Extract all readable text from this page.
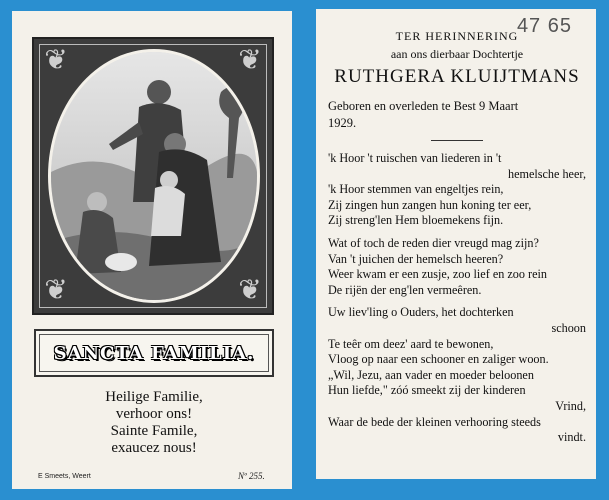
❦	❦
❦	❦
SANCTA FAMILIA.
Heilige Familie,
verhoor ons!
Sainte Famile,
exaucez nous!
E Smeets, Weert	Nº 255.
47 65
TER HERINNERING
aan ons dierbaar Dochtertje
RUTHGERA KLUIJTMANS
Geboren en overleden te Best 9 Maart
1929.
'k Hoor 't ruischen van liederen in 't
hemelsche heer,
'k Hoor stemmen van engeltjes rein,
Zij zingen hun zangen hun koning ter eer,
Zij streng'len Hem bloemekens fijn.
Wat of toch de reden dier vreugd mag zijn?
Van 't juichen der hemelsch heeren?
Weer kwam er een zusje, zoo lief en zoo rein
De rijën der eng'len vermeêren.
Uw liev'ling o Ouders, het dochterken
schoon
Te teêr om deez' aard te bewonen,
Vloog op naar een schooner en zaliger woon.
„Wil, Jezu, aan vader en moeder beloonen
Hun liefde," zóó smeekt zij der kinderen
Vrind,
Waar de bede der kleinen verhooring steeds
vindt.
